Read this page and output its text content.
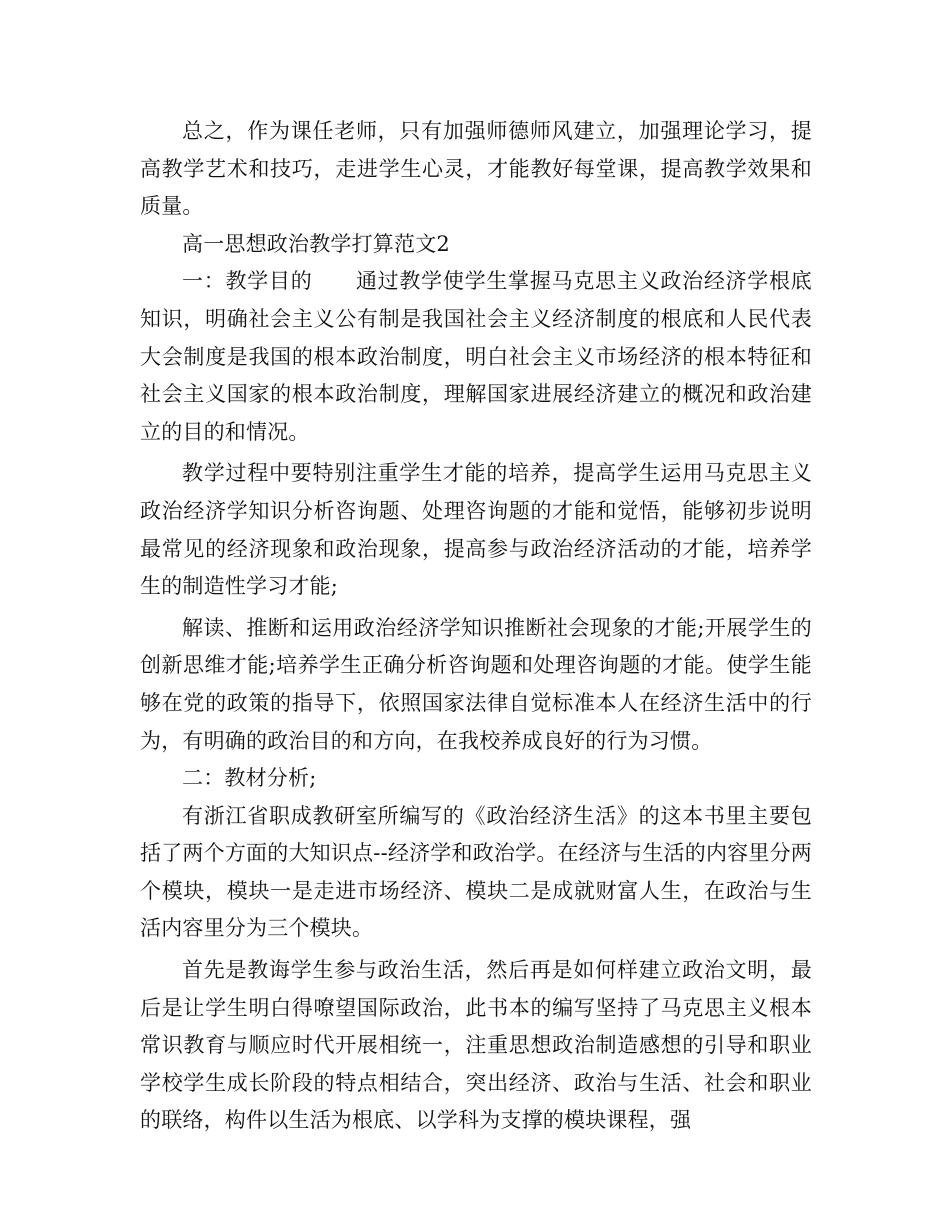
总之，作为课任老师，只有加强师德师风建立，加强理论学习，提高教学艺术和技巧，走进学生心灵，才能教好每堂课，提高教学效果和质量。

高一思想政治教学打算范文2

一：教学目的　　通过教学使学生掌握马克思主义政治经济学根底知识，明确社会主义公有制是我国社会主义经济制度的根底和人民代表大会制度是我国的根本政治制度，明白社会主义市场经济的根本特征和社会主义国家的根本政治制度，理解国家进展经济建立的概况和政治建立的目的和情况。

教学过程中要特别注重学生才能的培养，提高学生运用马克思主义政治经济学知识分析咨询题、处理咨询题的才能和觉悟，能够初步说明最常见的经济现象和政治现象，提高参与政治经济活动的才能，培养学生的制造性学习才能;

解读、推断和运用政治经济学知识推断社会现象的才能;开展学生的创新思维才能;培养学生正确分析咨询题和处理咨询题的才能。使学生能够在党的政策的指导下，依照国家法律自觉标准本人在经济生活中的行为，有明确的政治目的和方向，在我校养成良好的行为习惯。

二：教材分析;

有浙江省职成教研室所编写的《政治经济生活》的这本书里主要包括了两个方面的大知识点--经济学和政治学。在经济与生活的内容里分两个模块，模块一是走进市场经济、模块二是成就财富人生，在政治与生活内容里分为三个模块。

首先是教诲学生参与政治生活，然后再是如何样建立政治文明，最后是让学生明白得嘹望国际政治，此书本的编写坚持了马克思主义根本常识教育与顺应时代开展相统一，注重思想政治制造感想的引导和职业学校学生成长阶段的特点相结合，突出经济、政治与生活、社会和职业的联络，构件以生活为根底、以学科为支撑的模块课程，强
